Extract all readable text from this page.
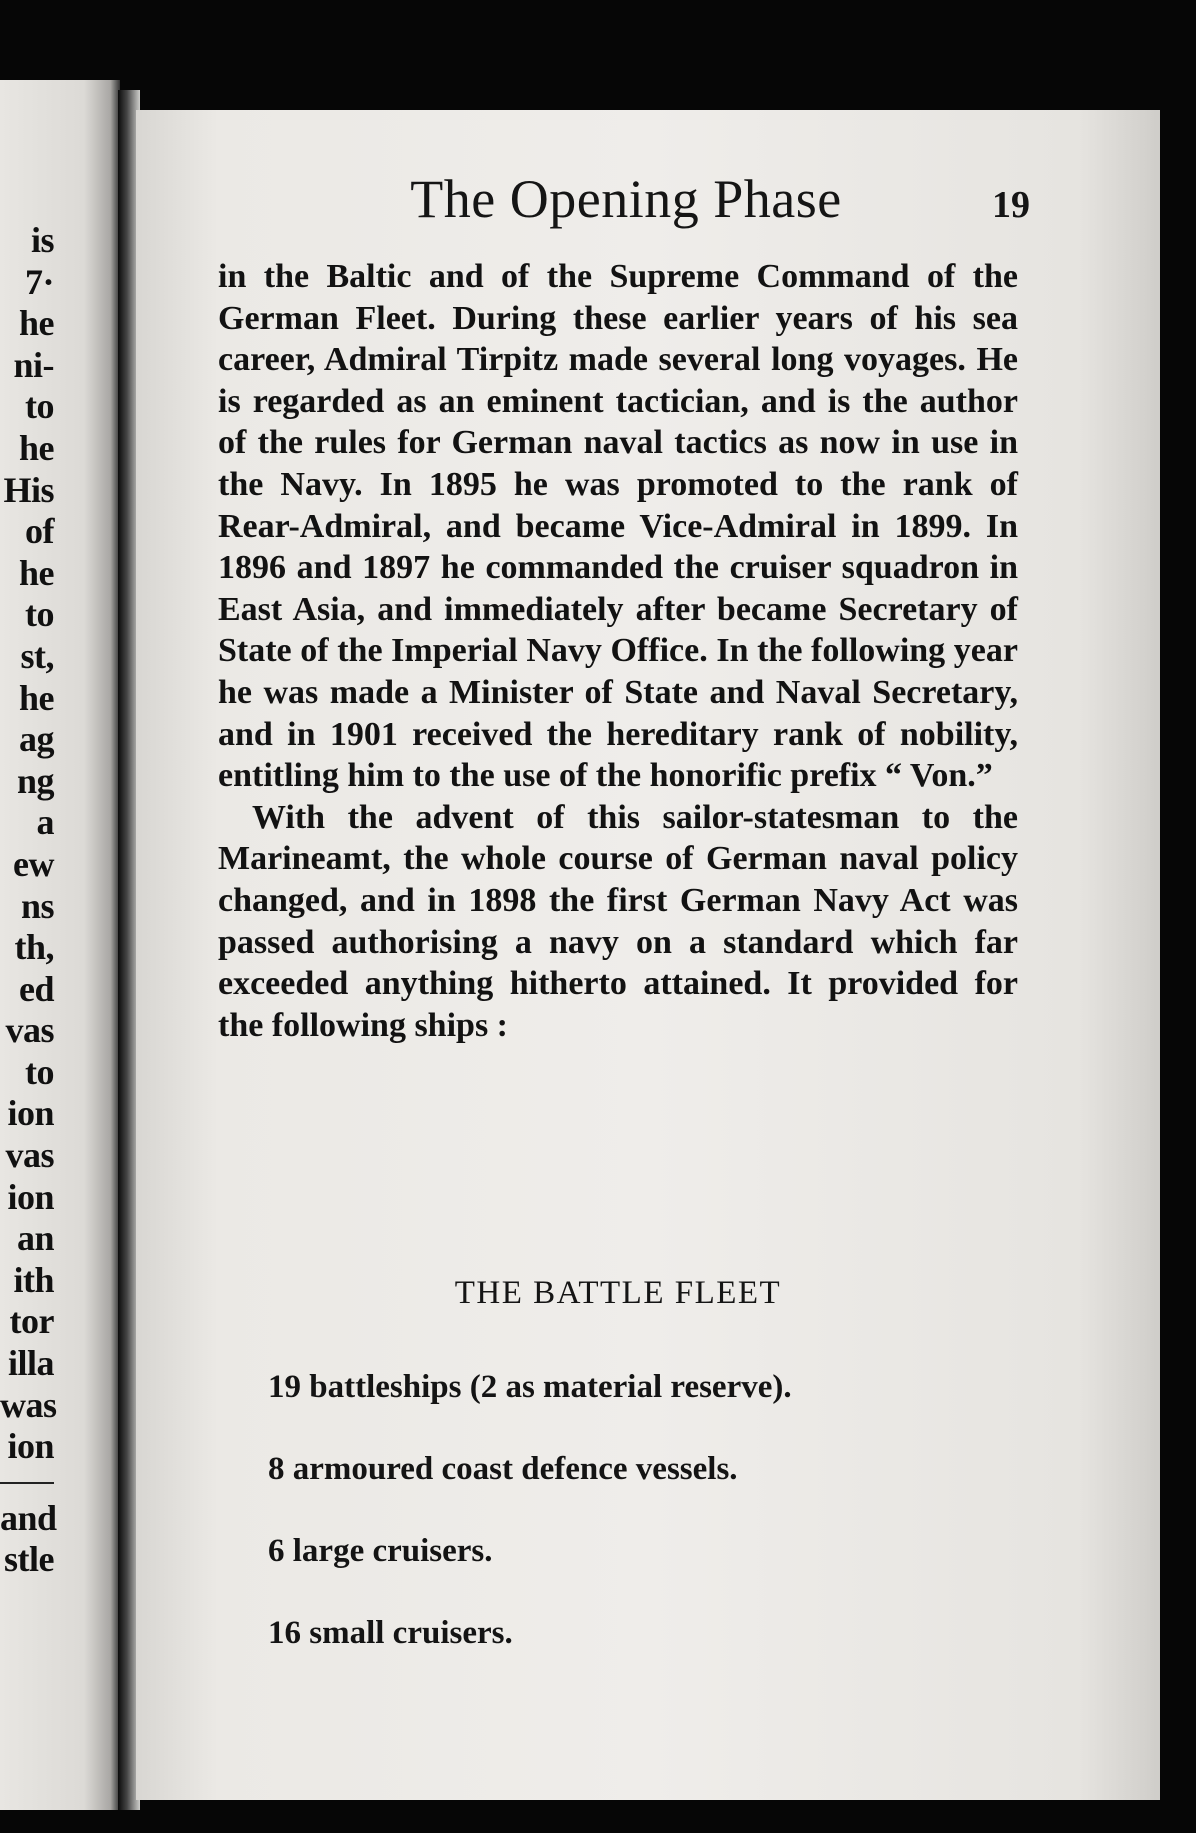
is
7·
he
ni-
to
he
His
of
he
to
st,
he
ag
ng
a
ew
ns
th,
ed
vas
to
ion
vas
ion
an
ith
tor
illa
was
ion
and
stle
The Opening Phase	19

in the Baltic and of the Supreme Command of the German Fleet. During these earlier years of his sea career, Admiral Tirpitz made several long voyages. He is regarded as an eminent tactician, and is the author of the rules for German naval tactics as now in use in the Navy. In 1895 he was promoted to the rank of Rear-Admiral, and became Vice-Admiral in 1899. In 1896 and 1897 he commanded the cruiser squadron in East Asia, and immediately after became Secretary of State of the Imperial Navy Office. In the following year he was made a Minister of State and Naval Secretary, and in 1901 received the hereditary rank of nobility, entitling him to the use of the honorific prefix “ Von.”

With the advent of this sailor-statesman to the Marineamt, the whole course of German naval policy changed, and in 1898 the first German Navy Act was passed authorising a navy on a standard which far exceeded anything hitherto attained. It provided for the following ships :

THE BATTLE FLEET
19 battleships (2 as material reserve).
8 armoured coast defence vessels.
6 large cruisers.
16 small cruisers.
